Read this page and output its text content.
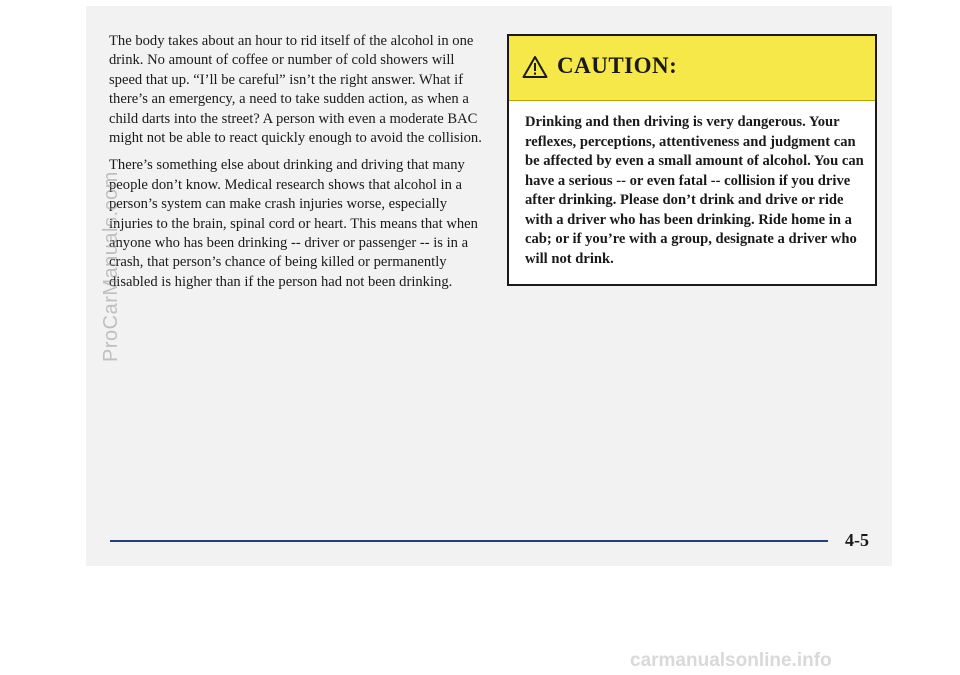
The body takes about an hour to rid itself of the alcohol in one drink. No amount of coffee or number of cold showers will speed that up. “I’ll be careful” isn’t the right answer. What if there’s an emergency, a need to take sudden action, as when a child darts into the street? A person with even a moderate BAC might not be able to react quickly enough to avoid the collision.

There’s something else about drinking and driving that many people don’t know. Medical research shows that alcohol in a person’s system can make crash injuries worse, especially injuries to the brain, spinal cord or heart. This means that when anyone who has been drinking -- driver or passenger -- is in a crash, that person’s chance of being killed or permanently disabled is higher than if the person had not been drinking.

ProCarManuals.com
CAUTION:
Drinking and then driving is very dangerous. Your reflexes, perceptions, attentiveness and judgment can be affected by even a small amount of alcohol. You can have a serious -- or even fatal -- collision if you drive after drinking. Please don’t drink and drive or ride with a driver who has been drinking. Ride home in a cab; or if you’re with a group, designate a driver who will not drink.
4-5
carmanualsonline.info
